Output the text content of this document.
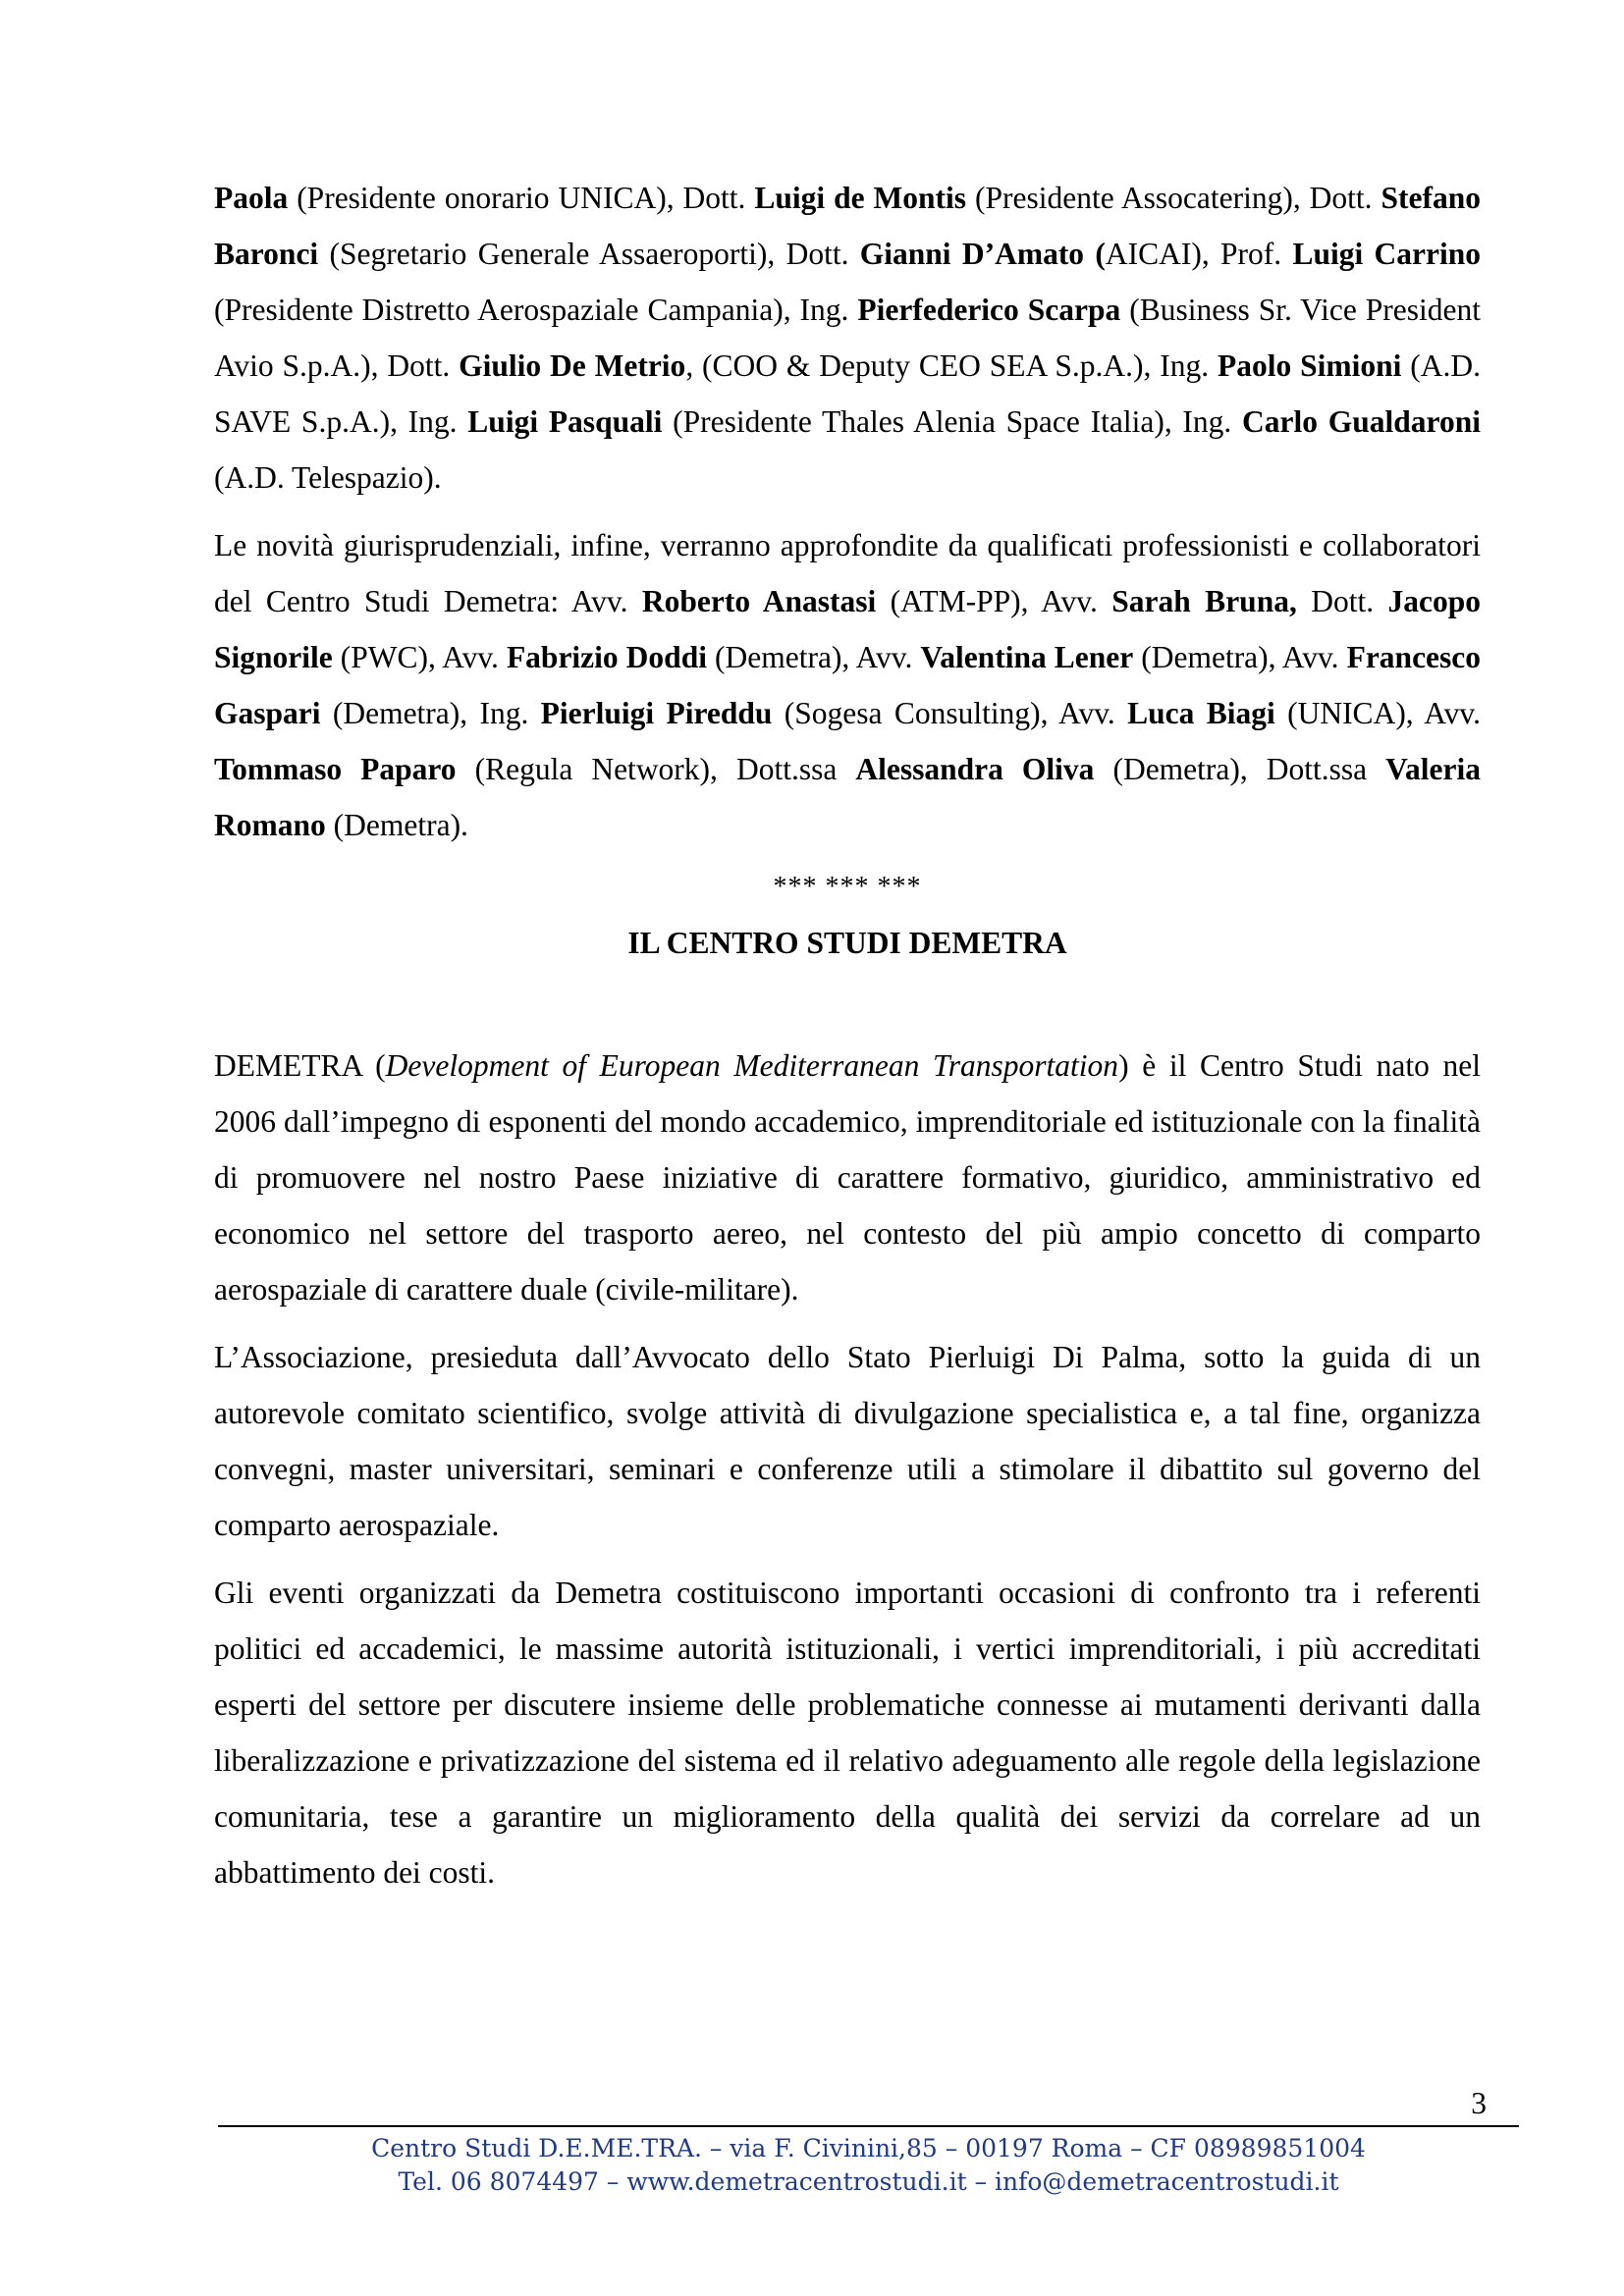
Paola (Presidente onorario UNICA), Dott. Luigi de Montis (Presidente Assocatering), Dott. Stefano Baronci (Segretario Generale Assaeroporti), Dott. Gianni D’Amato (AICAI), Prof. Luigi Carrino (Presidente Distretto Aerospaziale Campania), Ing. Pierfederico Scarpa (Business Sr. Vice President Avio S.p.A.), Dott. Giulio De Metrio, (COO & Deputy CEO SEA S.p.A.), Ing. Paolo Simioni (A.D. SAVE S.p.A.), Ing. Luigi Pasquali (Presidente Thales Alenia Space Italia), Ing. Carlo Gualdaroni (A.D. Telespazio).

Le novità giurisprudenziali, infine, verranno approfondite da qualificati professionisti e collaboratori del Centro Studi Demetra: Avv. Roberto Anastasi (ATM-PP), Avv. Sarah Bruna, Dott. Jacopo Signorile (PWC), Avv. Fabrizio Doddi (Demetra), Avv. Valentina Lener (Demetra), Avv. Francesco Gaspari (Demetra), Ing. Pierluigi Pireddu (Sogesa Consulting), Avv. Luca Biagi (UNICA), Avv. Tommaso Paparo (Regula Network), Dott.ssa Alessandra Oliva (Demetra), Dott.ssa Valeria Romano (Demetra).

*** *** ***
IL CENTRO STUDI DEMETRA

DEMETRA (Development of European Mediterranean Transportation) è il Centro Studi nato nel 2006 dall’impegno di esponenti del mondo accademico, imprenditoriale ed istituzionale con la finalità di promuovere nel nostro Paese iniziative di carattere formativo, giuridico, amministrativo ed economico nel settore del trasporto aereo, nel contesto del più ampio concetto di comparto aerospaziale di carattere duale (civile-militare).

L’Associazione, presieduta dall’Avvocato dello Stato Pierluigi Di Palma, sotto la guida di un autorevole comitato scientifico, svolge attività di divulgazione specialistica e, a tal fine, organizza convegni, master universitari, seminari e conferenze utili a stimolare il dibattito sul governo del comparto aerospaziale.

Gli eventi organizzati da Demetra costituiscono importanti occasioni di confronto tra i referenti politici ed accademici, le massime autorità istituzionali, i vertici imprenditoriali, i più accreditati esperti del settore per discutere insieme delle problematiche connesse ai mutamenti derivanti dalla liberalizzazione e privatizzazione del sistema ed il relativo adeguamento alle regole della legislazione comunitaria, tese a garantire un miglioramento della qualità dei servizi da correlare ad un abbattimento dei costi.

3
Centro Studi D.E.ME.TRA. – via F. Civinini,85 – 00197 Roma – CF 08989851004
Tel. 06 8074497 – www.demetracentrostudi.it – info@demetracentrostudi.it
